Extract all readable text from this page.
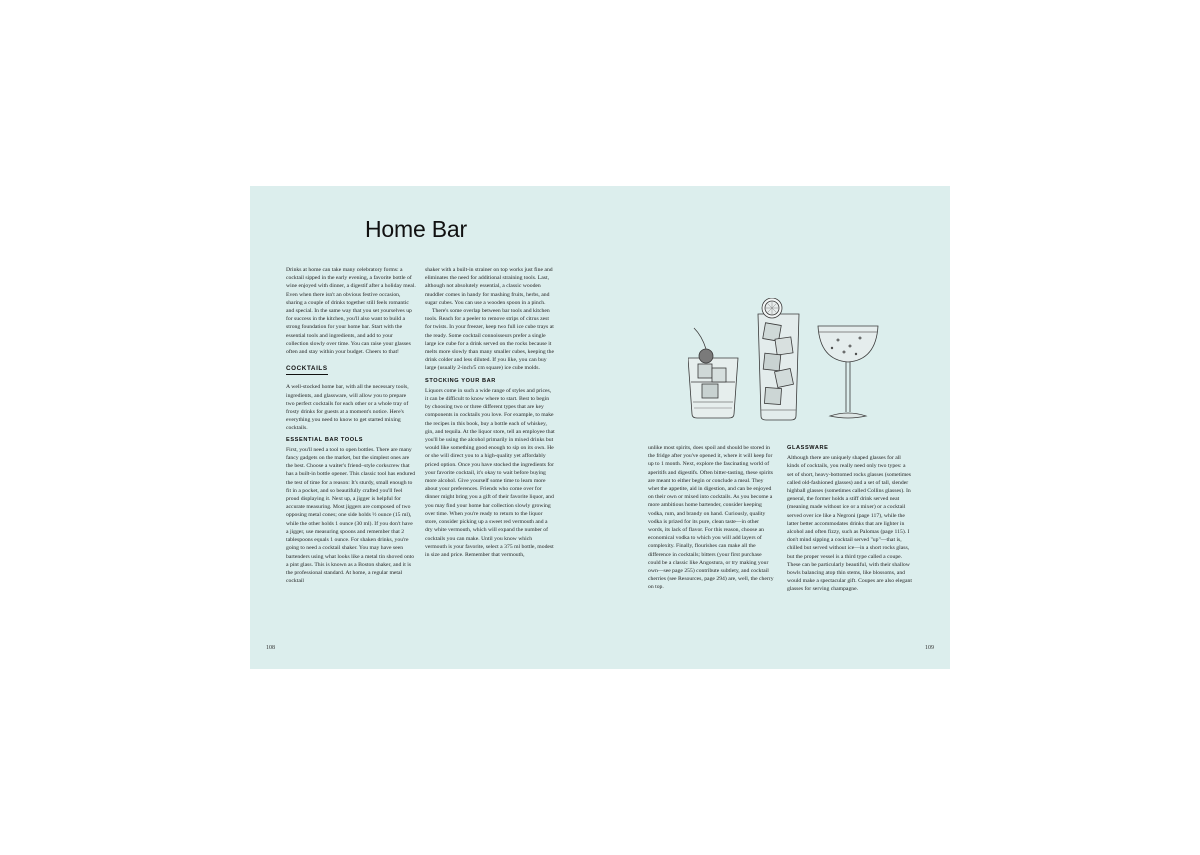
Home Bar

Drinks at home can take many celebratory forms: a cocktail sipped in the early evening, a favorite bottle of wine enjoyed with dinner, a digestif after a holiday meal. Even when there isn't an obvious festive occasion, sharing a couple of drinks together still feels romantic and special. In the same way that you set yourselves up for success in the kitchen, you'll also want to build a strong foundation for your home bar. Start with the essential tools and ingredients, and add to your collection slowly over time. You can raise your glasses often and stay within your budget. Cheers to that!

COCKTAILS

A well-stocked home bar, with all the necessary tools, ingredients, and glassware, will allow you to prepare two perfect cocktails for each other or a whole tray of frosty drinks for guests at a moment's notice. Here's everything you need to know to get started mixing cocktails.

ESSENTIAL BAR TOOLS

First, you'll need a tool to open bottles. There are many fancy gadgets on the market, but the simplest ones are the best. Choose a waiter's friend–style corkscrew that has a built-in bottle opener. This classic tool has endured the test of time for a reason: It's sturdy, small enough to fit in a pocket, and so beautifully crafted you'll feel proud displaying it. Next up, a jigger is helpful for accurate measuring. Most jiggers are composed of two opposing metal cones; one side holds ½ ounce (15 ml), while the other holds 1 ounce (30 ml). If you don't have a jigger, use measuring spoons and remember that 2 tablespoons equals 1 ounce. For shaken drinks, you're going to need a cocktail shaker. You may have seen bartenders using what looks like a metal tin shoved onto a pint glass. This is known as a Boston shaker, and it is the professional standard. At home, a regular metal cocktail

shaker with a built-in strainer on top works just fine and eliminates the need for additional straining tools. Last, although not absolutely essential, a classic wooden muddler comes in handy for mashing fruits, herbs, and sugar cubes. You can use a wooden spoon in a pinch.

There's some overlap between bar tools and kitchen tools. Reach for a peeler to remove strips of citrus zest for twists. In your freezer, keep two full ice cube trays at the ready. Some cocktail connoisseurs prefer a single large ice cube for a drink served on the rocks because it melts more slowly than many smaller cubes, keeping the drink colder and less diluted. If you like, you can buy large (usually 2-inch/5 cm square) ice cube molds.

STOCKING YOUR BAR

Liquors come in such a wide range of styles and prices, it can be difficult to know where to start. Best to begin by choosing two or three different types that are key components in cocktails you love. For example, to make the recipes in this book, buy a bottle each of whiskey, gin, and tequila. At the liquor store, tell an employee that you'll be using the alcohol primarily in mixed drinks but would like something good enough to sip on its own. He or she will direct you to a high-quality yet affordably priced option. Once you have stocked the ingredients for your favorite cocktail, it's okay to wait before buying more alcohol. Give yourself some time to learn more about your preferences. Friends who come over for dinner might bring you a gift of their favorite liquor, and you may find your home bar collection slowly growing over time. When you're ready to return to the liquor store, consider picking up a sweet red vermouth and a dry white vermouth, which will expand the number of cocktails you can make. Until you know which vermouth is your favorite, select a 375 ml bottle, modest in size and price. Remember that vermouth,

unlike most spirits, does spoil and should be stored in the fridge after you've opened it, where it will keep for up to 1 month. Next, explore the fascinating world of aperitifs and digestifs. Often bitter-tasting, these spirits are meant to either begin or conclude a meal. They whet the appetite, aid in digestion, and can be enjoyed on their own or mixed into cocktails. As you become a more ambitious home bartender, consider keeping vodka, rum, and brandy on hand. Curiously, quality vodka is prized for its pure, clean taste—in other words, its lack of flavor. For this reason, choose an economical vodka to which you will add layers of complexity. Finally, flourishes can make all the difference in cocktails; bitters (your first purchase could be a classic like Angostura, or try making your own—see page 255) contribute subtlety, and cocktail cherries (see Resources, page 294) are, well, the cherry on top.

GLASSWARE

Although there are uniquely shaped glasses for all kinds of cocktails, you really need only two types: a set of short, heavy-bottomed rocks glasses (sometimes called old-fashioned glasses) and a set of tall, slender highball glasses (sometimes called Collins glasses). In general, the former holds a stiff drink served neat (meaning made without ice or a mixer) or a cocktail served over ice like a Negroni (page 117), while the latter better accommodates drinks that are lighter in alcohol and often fizzy, such as Palomas (page 115). I don't mind sipping a cocktail served "up"—that is, chilled but served without ice—in a short rocks glass, but the proper vessel is a third type called a coupe. These can be particularly beautiful, with their shallow bowls balancing atop thin stems, like blossoms, and would make a spectacular gift. Coupes are also elegant glasses for serving champagne.

108	109
